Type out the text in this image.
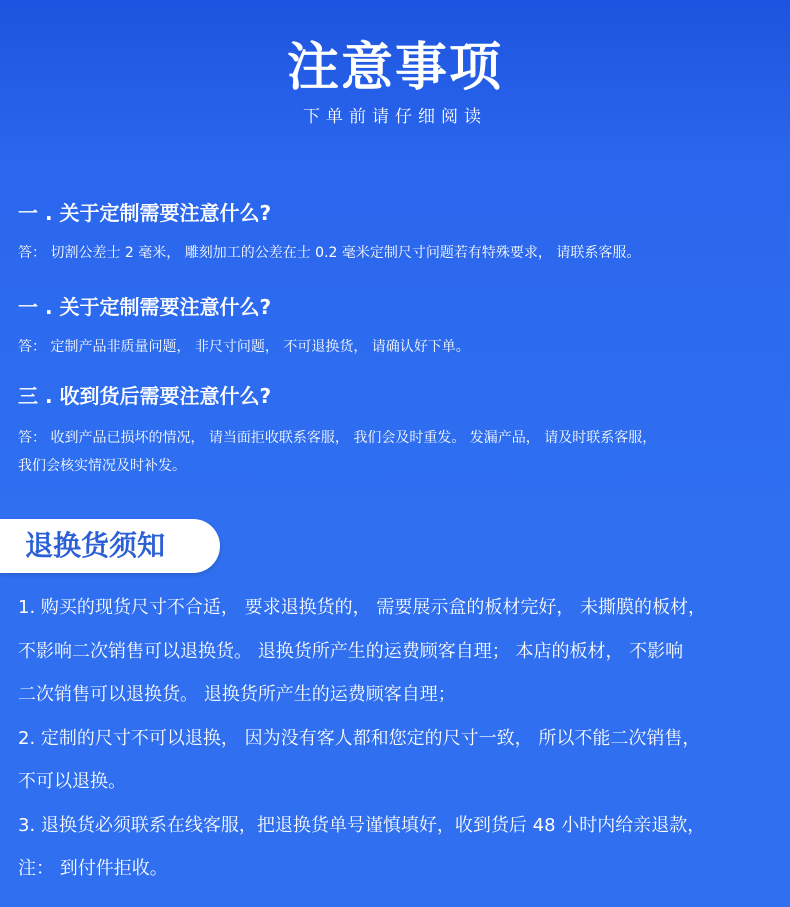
注意事项
下单前请仔细阅读
一 . 关于定制需要注意什么?
答： 切割公差士 2 毫米， 雕刻加工的公差在士 0.2 毫米定制尺寸问题若有特殊要求， 请联系客服。
一 . 关于定制需要注意什么?
答： 定制产品非质量问题， 非尺寸问题， 不可退换货， 请确认好下单。
三 . 收到货后需要注意什么?
答： 收到产品已损坏的情况， 请当面拒收联系客服， 我们会及时重发。 发漏产品， 请及时联系客服，
我们会核实情况及时补发。
退换货须知
1. 购买的现货尺寸不合适， 要求退换货的， 需要展示盒的板材完好， 未撕膜的板材，
不影响二次销售可以退换货。 退换货所产生的运费顾客自理； 本店的板材， 不影响
二次销售可以退换货。 退换货所产生的运费顾客自理；
2. 定制的尺寸不可以退换， 因为没有客人都和您定的尺寸一致， 所以不能二次销售，
不可以退换。
3. 退换货必须联系在线客服，把退换货单号谨慎填好，收到货后 48 小时内给亲退款，
注： 到付件拒收。
